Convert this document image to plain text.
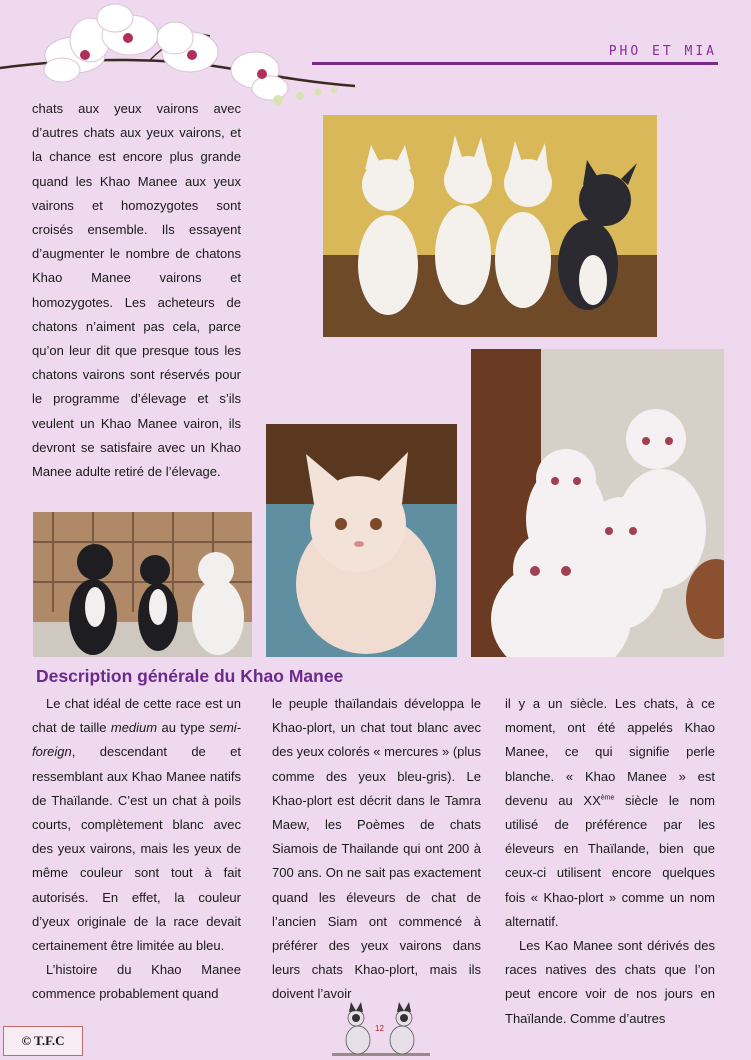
PHO ET MIA

chats aux yeux vairons avec d’autres chats aux yeux vairons, et la chance est encore plus grande quand les Khao Manee aux yeux vairons et homozygotes sont croisés ensemble. Ils essayent d’augmenter le nombre de chatons Khao Manee vairons et homozygotes. Les acheteurs de chatons n’aiment pas cela, parce qu’on leur dit que presque tous les chatons vairons sont réservés pour le programme d’élevage et s’ils veulent un Khao Manee vairon, ils devront se satisfaire avec un Khao Manee adulte retiré de l’élevage.

Description générale du Khao Manee

Le chat idéal de cette race est un chat de taille medium au type semi-foreign, descendant de et ressemblant aux Khao Manee natifs de Thaïlande. C’est un chat à poils courts, complètement blanc avec des yeux vairons, mais les yeux de même couleur sont tout à fait autorisés. En effet, la couleur d’yeux originale de la race devait certainement être limitée au bleu.

L’histoire du Khao Manee commence probablement quand

le peuple thaïlandais développa le Khao-plort, un chat tout blanc avec des yeux colorés « mercures » (plus comme des yeux bleu-gris). Le Khao-plort est décrit dans le Tamra Maew, les Poèmes de chats Siamois de Thailande qui ont 200 à 700 ans. On ne sait pas exactement quand les éleveurs de chat de l’ancien Siam ont commencé à préférer des yeux vairons dans leurs chats Khao-plort, mais ils doivent l’avoir

il y a un siècle. Les chats, à ce moment, ont été appelés Khao Manee, ce qui signifie perle blanche. « Khao Manee » est devenu au XXème siècle le nom utilisé de préférence par les éleveurs en Thaïlande, bien que ceux-ci utilisent encore quelques fois « Khao-plort » comme un nom alternatif.

Les Kao Manee sont dérivés des races natives des chats que l’on peut encore voir de nos jours en Thaïlande. Comme d’autres

© T.F.C
12
